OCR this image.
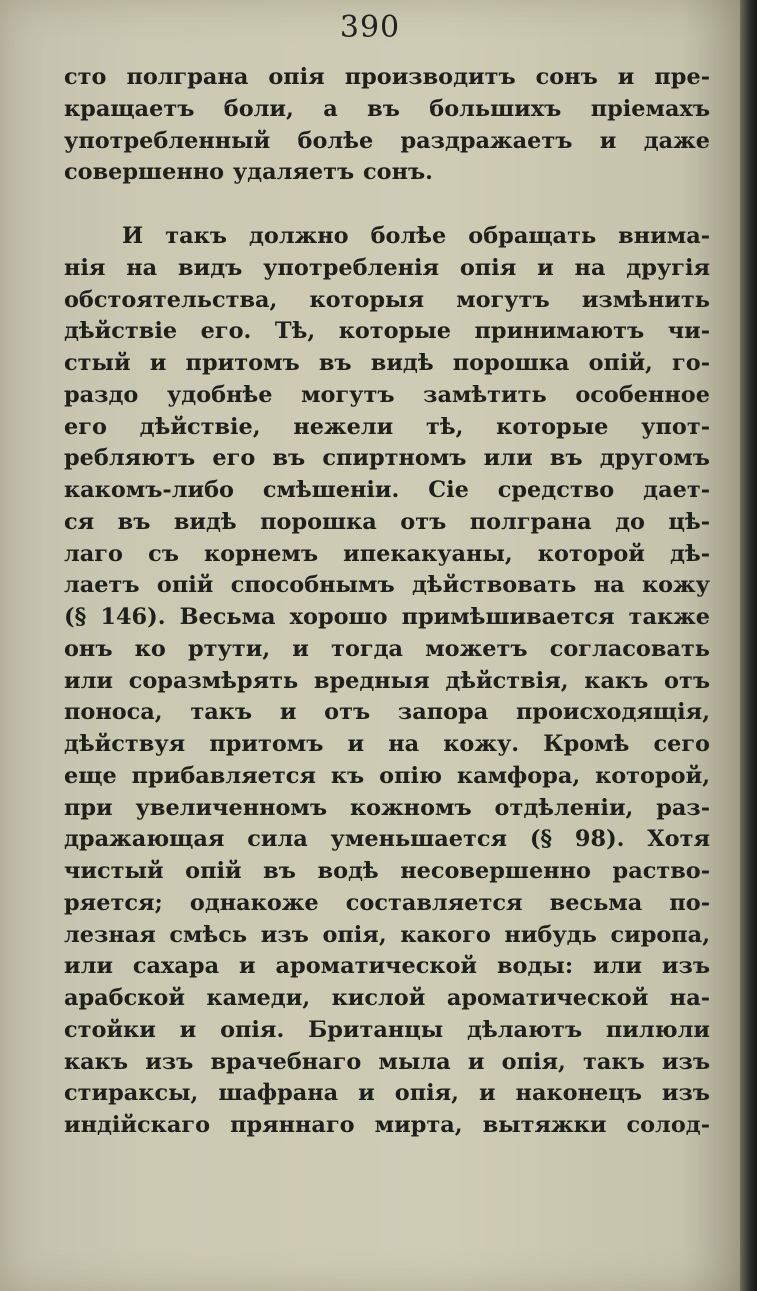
390
сто полграна опія производитъ сонъ и пре-
кращаетъ боли, а въ большихъ пріемахъ
употребленный болѣе раздражаетъ и даже
совершенно удаляетъ сонъ.
И такъ должно болѣе обращать внима-
нія на видъ употребленія опія и на другія
обстоятельства, которыя могутъ измѣнить
дѣйствіе его. Тѣ, которые принимаютъ чи-
стый и притомъ въ видѣ порошка опій, го-
раздо удобнѣе могутъ замѣтить особенное
его дѣйствіе, нежели тѣ, которые упот-
ребляютъ его въ спиртномъ или въ другомъ
какомъ-либо смѣшеніи. Сіе средство дает-
ся въ видѣ порошка отъ полграна до цѣ-
лаго съ корнемъ ипекакуаны, которой дѣ-
лаетъ опій способнымъ дѣйствовать на кожу
(§ 146). Весьма хорошо примѣшивается также
онъ ко ртути, и тогда можетъ согласовать
или соразмѣрять вредныя дѣйствія, какъ отъ
поноса, такъ и отъ запора происходящія,
дѣйствуя притомъ и на кожу. Кромѣ сего
еще прибавляется къ опію камфора, которой,
при увеличенномъ кожномъ отдѣленіи, раз-
дражающая сила уменьшается (§ 98). Хотя
чистый опій въ водѣ несовершенно раство-
ряется; однакоже составляется весьма по-
лезная смѣсь изъ опія, какого нибудь сиропа,
или сахара и ароматической воды: или изъ
арабской камеди, кислой ароматической на-
стойки и опія. Британцы дѣлаютъ пилюли
какъ изъ врачебнаго мыла и опія, такъ изъ
стираксы, шафрана и опія, и наконецъ изъ
индійскаго пряннаго мирта, вытяжки солод-
